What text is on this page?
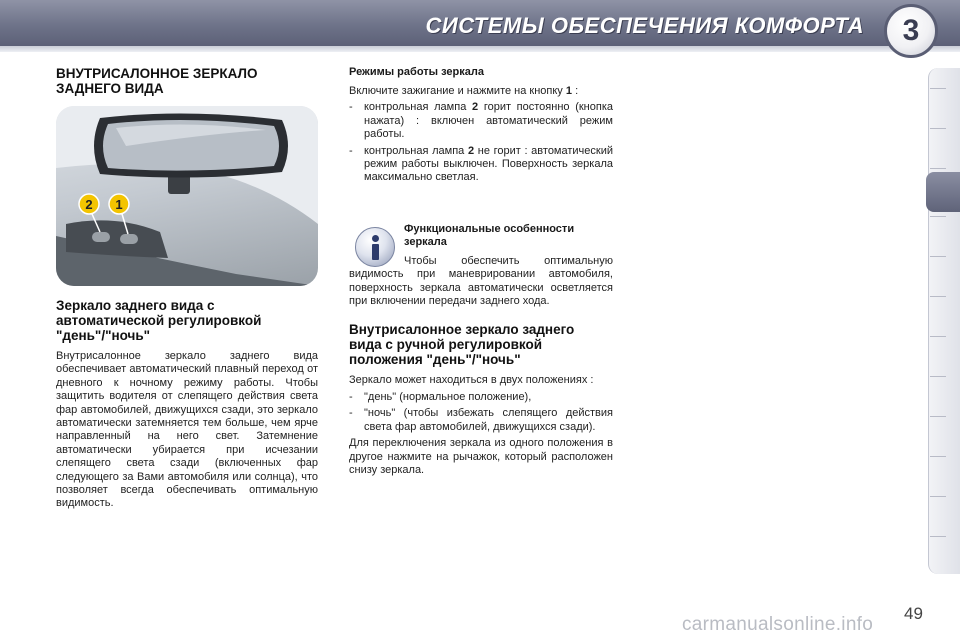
СИСТЕМЫ ОБЕСПЕЧЕНИЯ КОМФОРТА 3
ВНУТРИСАЛОННОЕ ЗЕРКАЛО
ЗАДНЕГО ВИДА
2 1
Зеркало заднего вида с
автоматической регулировкой
"день"/"ночь"

Внутрисалонное зеркало заднего вида обеспечивает автоматический плавный переход от дневного к ночному режиму работы. Чтобы защитить водителя от слепящего действия света фар автомобилей, движущихся сзади, это зеркало автоматически затемняется тем больше, чем ярче направленный на него свет. Затемнение автоматически убирается при исчезании слепящего света сзади (включенных фар следующего за Вами автомобиля или солнца), что позволяет всегда обеспечивать оптимальную видимость.

Режимы работы зеркала

Включите зажигание и нажмите на кнопку 1 :

-	контрольная лампа 2 горит постоянно (кнопка нажата) : включен автоматический режим работы.
-	контрольная лампа 2 не горит : автоматический режим работы выключен. Поверхность зеркала максимально светлая.
Функциональные особенности
зеркала

Чтобы обеспечить оптимальную видимость при маневрировании автомобиля, поверхность зеркала автоматически осветляется при включении передачи заднего хода.

Внутрисалонное зеркало заднего
вида с ручной регулировкой
положения "день"/"ночь"

Зеркало может находиться в двух положениях :

-	"день" (нормальное положение),
-	"ночь" (чтобы избежать слепящего действия света фар автомобилей, движущихся сзади).

Для переключения зеркала из одного положения в другое нажмите на рычажок, который расположен снизу зеркала.

49
carmanualsonline.info
